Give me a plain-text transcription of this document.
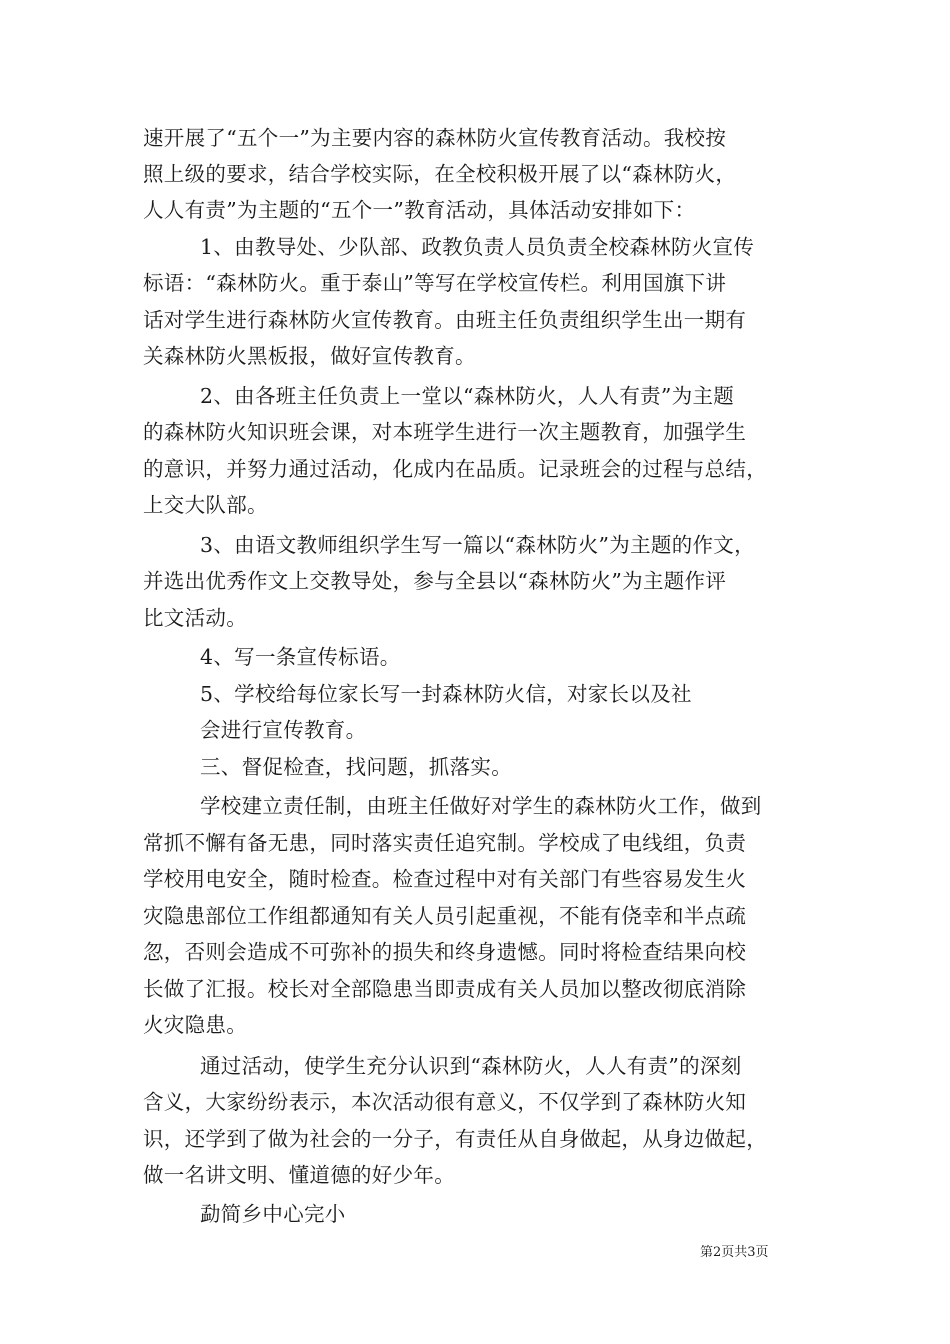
速开展了“五个一”为主要内容的森林防火宣传教育活动。我校按
照上级的要求，结合学校实际，在全校积极开展了以“森林防火，
人人有责”为主题的“五个一”教育活动，具体活动安排如下：
1、由教导处、少队部、政教负责人员负责全校森林防火宣传
标语：“森林防火。重于泰山”等写在学校宣传栏。利用国旗下讲
话对学生进行森林防火宣传教育。由班主任负责组织学生出一期有
关森林防火黑板报，做好宣传教育。
2、由各班主任负责上一堂以“森林防火，人人有责”为主题
的森林防火知识班会课，对本班学生进行一次主题教育，加强学生
的意识，并努力通过活动，化成内在品质。记录班会的过程与总结，
上交大队部。
3、由语文教师组织学生写一篇以“森林防火”为主题的作文，
并选出优秀作文上交教导处，参与全县以“森林防火”为主题作评
比文活动。
4、写一条宣传标语。
5、学校给每位家长写一封森林防火信，对家长以及社
会进行宣传教育。
三、督促检查，找问题，抓落实。
学校建立责任制，由班主任做好对学生的森林防火工作，做到
常抓不懈有备无患，同时落实责任追究制。学校成了电线组，负责
学校用电安全，随时检查。检查过程中对有关部门有些容易发生火
灾隐患部位工作组都通知有关人员引起重视，不能有侥幸和半点疏
忽，否则会造成不可弥补的损失和终身遗憾。同时将检查结果向校
长做了汇报。校长对全部隐患当即责成有关人员加以整改彻底消除
火灾隐患。
通过活动，使学生充分认识到“森林防火，人人有责”的深刻
含义，大家纷纷表示，本次活动很有意义，不仅学到了森林防火知
识，还学到了做为社会的一分子，有责任从自身做起，从身边做起，
做一名讲文明、懂道德的好少年。
勐简乡中心完小
第2页共3页
